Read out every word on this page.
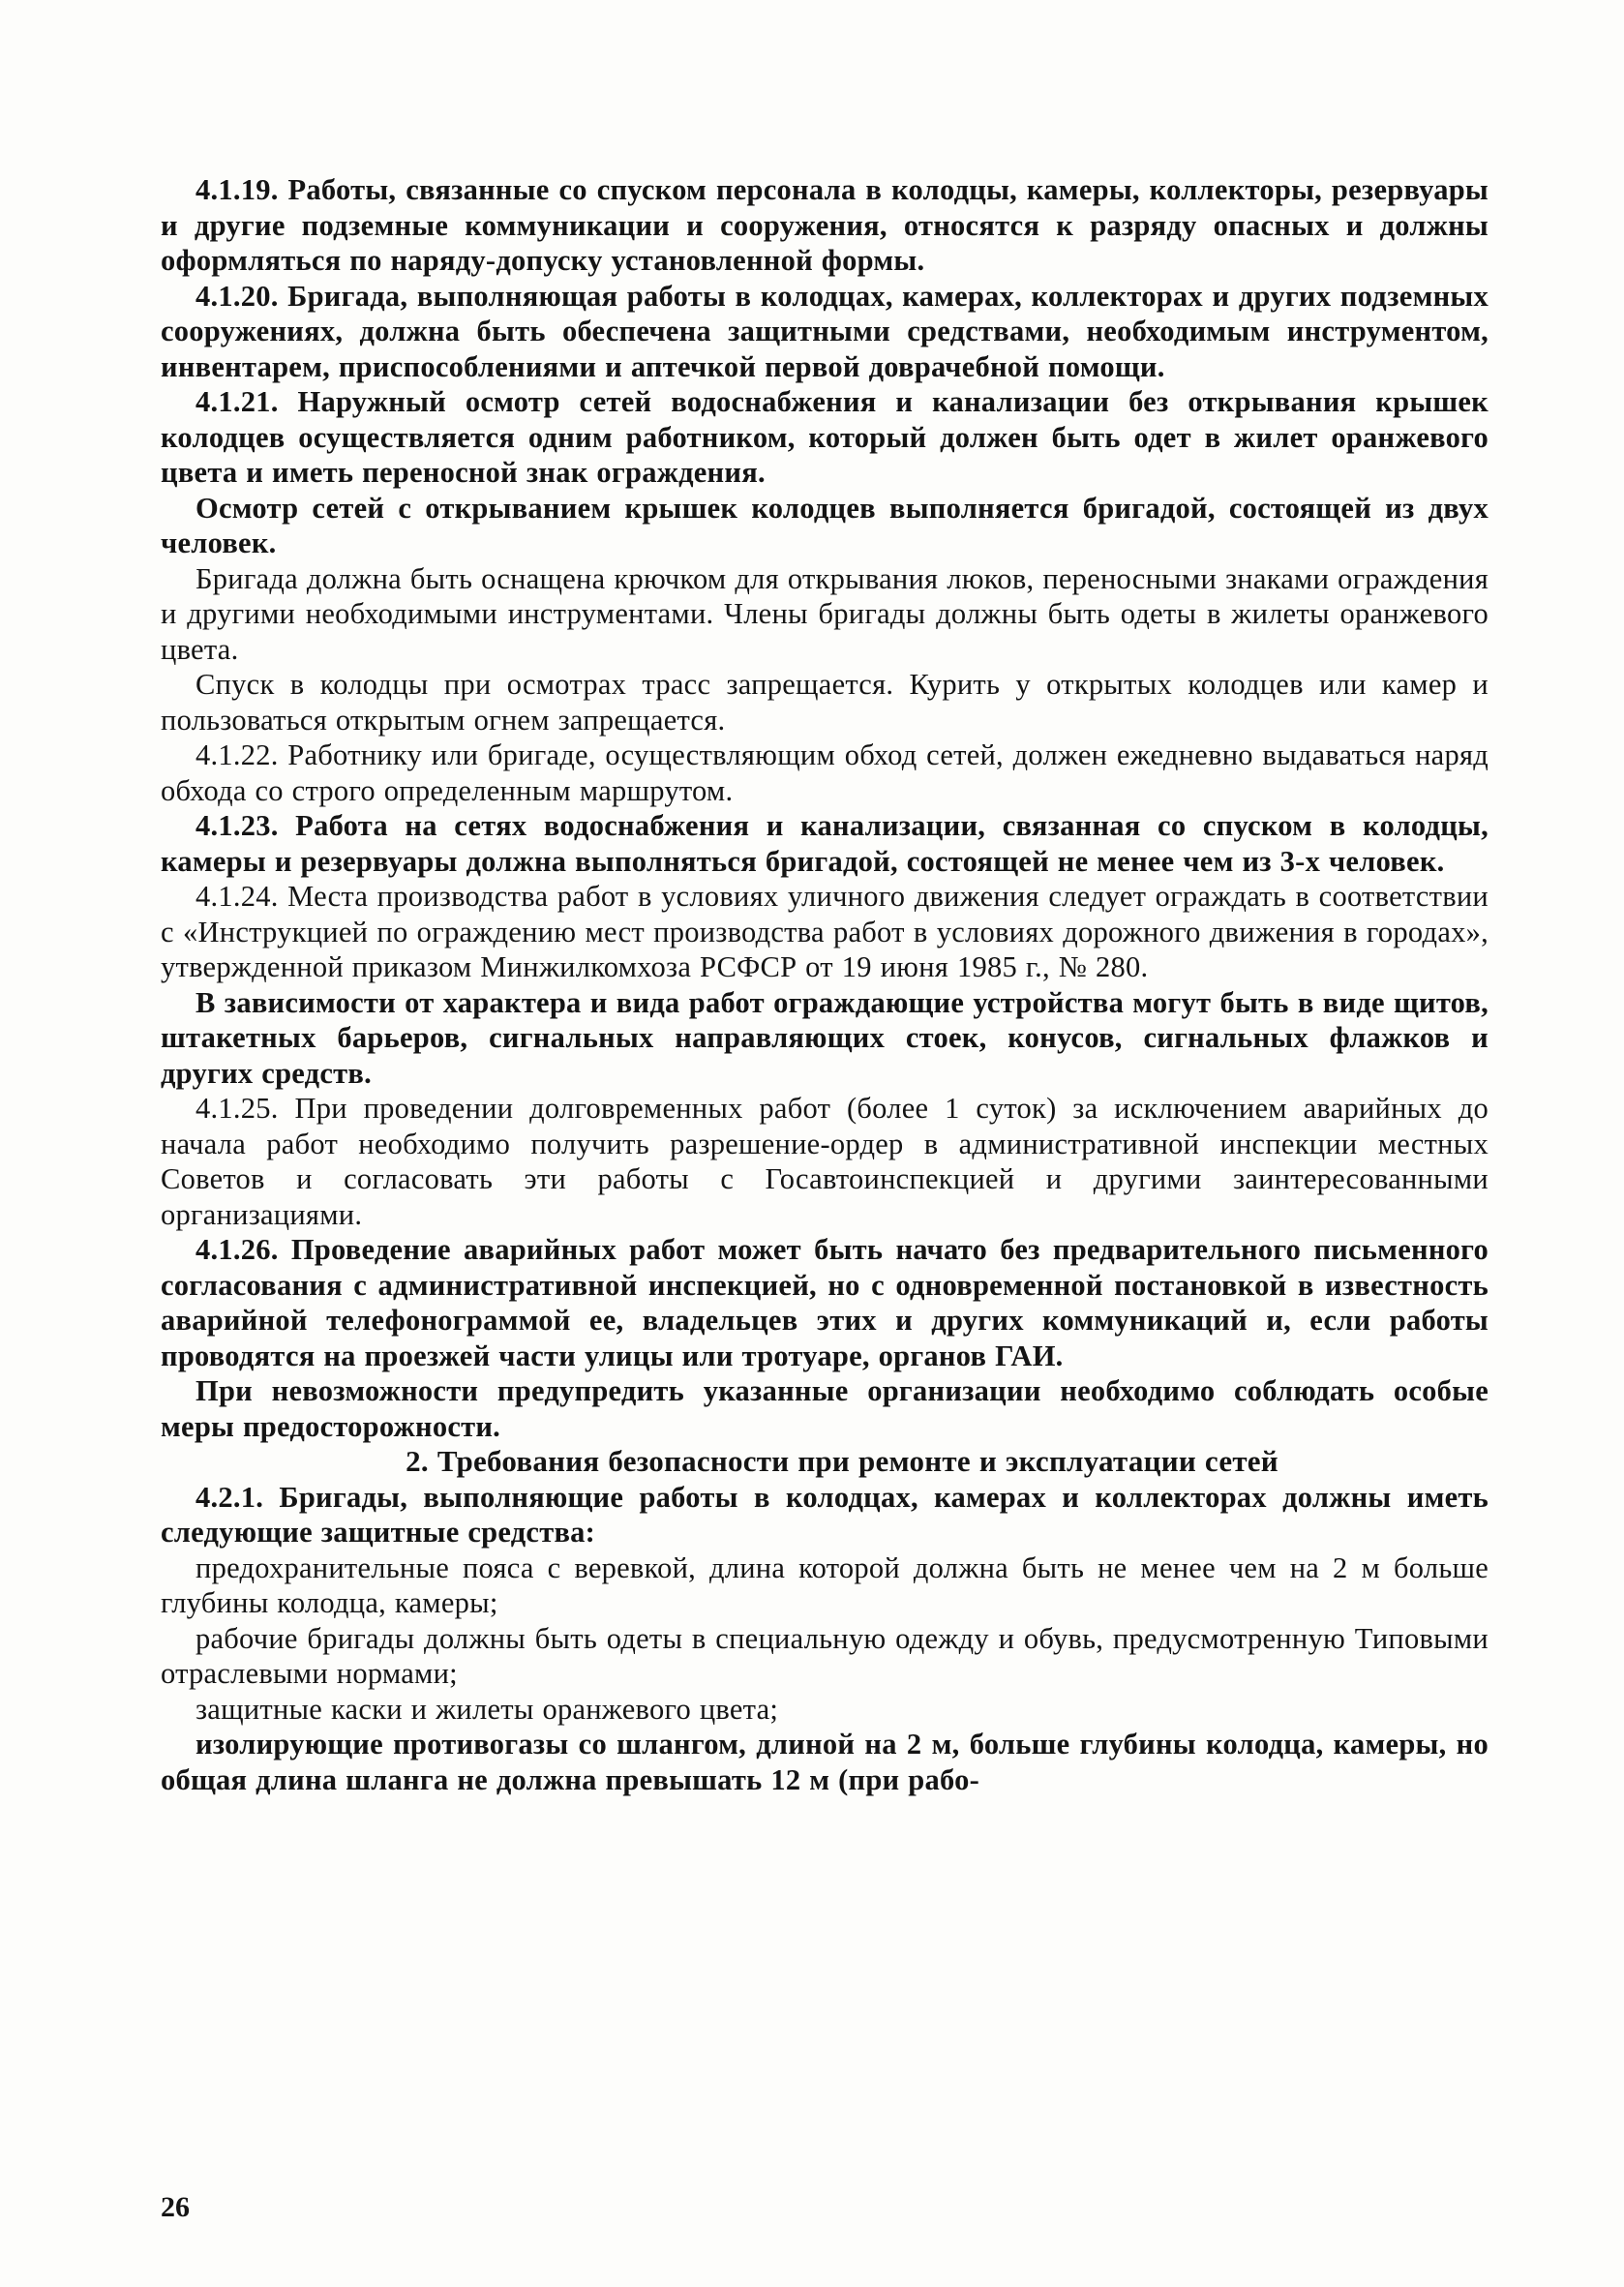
4.1.19. Работы, связанные со спуском персонала в колодцы, камеры, коллекторы, резервуары и другие подземные коммуникации и сооружения, относятся к разряду опасных и должны оформляться по наряду-допуску установленной формы.

4.1.20. Бригада, выполняющая работы в колодцах, камерах, коллекторах и других подземных сооружениях, должна быть обеспечена защитными средствами, необходимым инструментом, инвентарем, приспособлениями и аптечкой первой доврачебной помощи.

4.1.21. Наружный осмотр сетей водоснабжения и канализации без открывания крышек колодцев осуществляется одним работником, который должен быть одет в жилет оранжевого цвета и иметь переносной знак ограждения.

Осмотр сетей с открыванием крышек колодцев выполняется бригадой, состоящей из двух человек.

Бригада должна быть оснащена крючком для открывания люков, переносными знаками ограждения и другими необходимыми инструментами. Члены бригады должны быть одеты в жилеты оранжевого цвета.

Спуск в колодцы при осмотрах трасс запрещается. Курить у открытых колодцев или камер и пользоваться открытым огнем запрещается.

4.1.22. Работнику или бригаде, осуществляющим обход сетей, должен ежедневно выдаваться наряд обхода со строго определенным маршрутом.

4.1.23. Работа на сетях водоснабжения и канализации, связанная со спуском в колодцы, камеры и резервуары должна выполняться бригадой, состоящей не менее чем из 3-х человек.

4.1.24. Места производства работ в условиях уличного движения следует ограждать в соответствии с «Инструкцией по ограждению мест производства работ в условиях дорожного движения в городах», утвержденной приказом Минжилкомхоза РСФСР от 19 июня 1985 г., № 280.

В зависимости от характера и вида работ ограждающие устройства могут быть в виде щитов, штакетных барьеров, сигнальных направляющих стоек, конусов, сигнальных флажков и других средств.

4.1.25. При проведении долговременных работ (более 1 суток) за исключением аварийных до начала работ необходимо получить разрешение-ордер в административной инспекции местных Советов и согласовать эти работы с Госавтоинспекцией и другими заинтересованными организациями.

4.1.26. Проведение аварийных работ может быть начато без предварительного письменного согласования с административной инспекцией, но с одновременной постановкой в известность аварийной телефонограммой ее, владельцев этих и других коммуникаций и, если работы проводятся на проезжей части улицы или тротуаре, органов ГАИ.

При невозможности предупредить указанные организации необходимо соблюдать особые меры предосторожности.

2. Требования безопасности при ремонте и эксплуатации сетей

4.2.1. Бригады, выполняющие работы в колодцах, камерах и коллекторах должны иметь следующие защитные средства:

предохранительные пояса с веревкой, длина которой должна быть не менее чем на 2 м больше глубины колодца, камеры;

рабочие бригады должны быть одеты в специальную одежду и обувь, предусмотренную Типовыми отраслевыми нормами;

защитные каски и жилеты оранжевого цвета;

изолирующие противогазы со шлангом, длиной на 2 м, больше глубины колодца, камеры, но общая длина шланга не должна превышать 12 м (при рабо-

26
